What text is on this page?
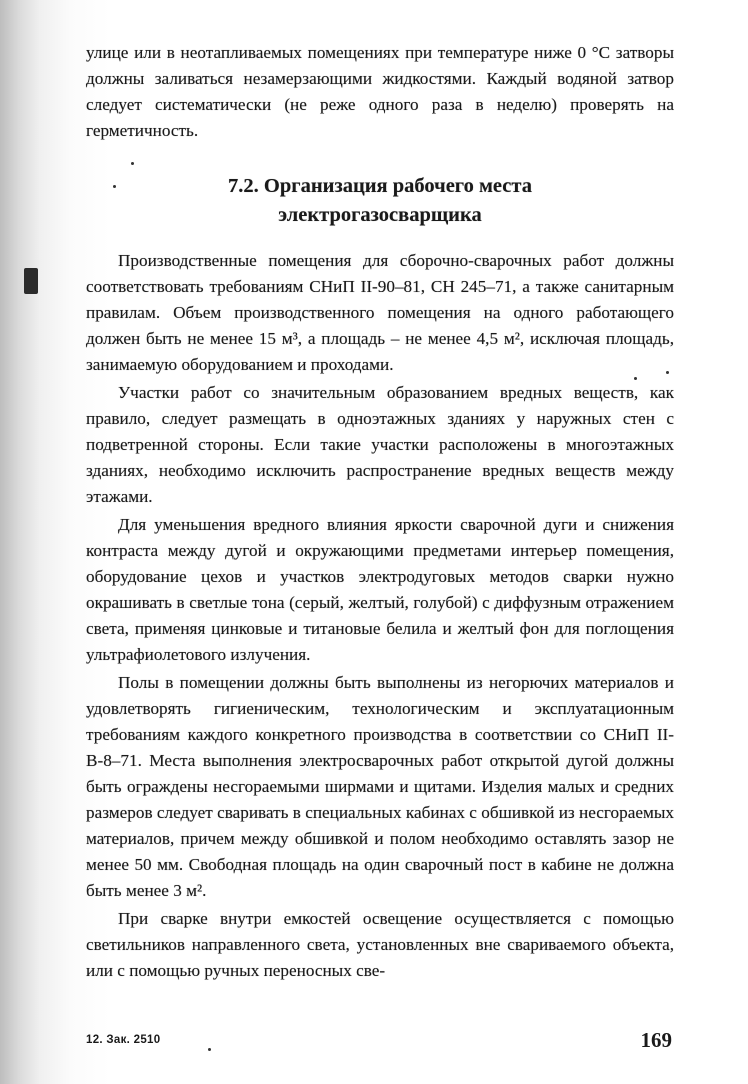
улице или в неотапливаемых помещениях при температуре ниже 0 °С затворы должны заливаться незамерзающими жидкостями. Каждый водяной затвор следует систематически (не реже одного раза в неделю) проверять на герметичность.

7.2. Организация рабочего места
электрогазосварщика

Производственные помещения для сборочно-сварочных работ должны соответствовать требованиям СНиП II-90–81, СН 245–71, а также санитарным правилам. Объем производственного помещения на одного работающего должен быть не менее 15 м³, а площадь – не менее 4,5 м², исключая площадь, занимаемую оборудованием и проходами.

Участки работ со значительным образованием вредных веществ, как правило, следует размещать в одноэтажных зданиях у наружных стен с подветренной стороны. Если такие участки расположены в многоэтажных зданиях, необходимо исключить распространение вредных веществ между этажами.

Для уменьшения вредного влияния яркости сварочной дуги и снижения контраста между дугой и окружающими предметами интерьер помещения, оборудование цехов и участков электродуговых методов сварки нужно окрашивать в светлые тона (серый, желтый, голубой) с диффузным отражением света, применяя цинковые и титановые белила и желтый фон для поглощения ультрафиолетового излучения.

Полы в помещении должны быть выполнены из негорючих материалов и удовлетворять гигиеническим, технологическим и эксплуатационным требованиям каждого конкретного производства в соответствии со СНиП II-В-8–71. Места выполнения электросварочных работ открытой дугой должны быть ограждены несгораемыми ширмами и щитами. Изделия малых и средних размеров следует сваривать в специальных кабинах с обшивкой из несгораемых материалов, причем между обшивкой и полом необходимо оставлять зазор не менее 50 мм. Свободная площадь на один сварочный пост в кабине не должна быть менее 3 м².

При сварке внутри емкостей освещение осуществляется с помощью светильников направленного света, установленных вне свариваемого объекта, или с помощью ручных переносных све-

12. Зак. 2510	169
